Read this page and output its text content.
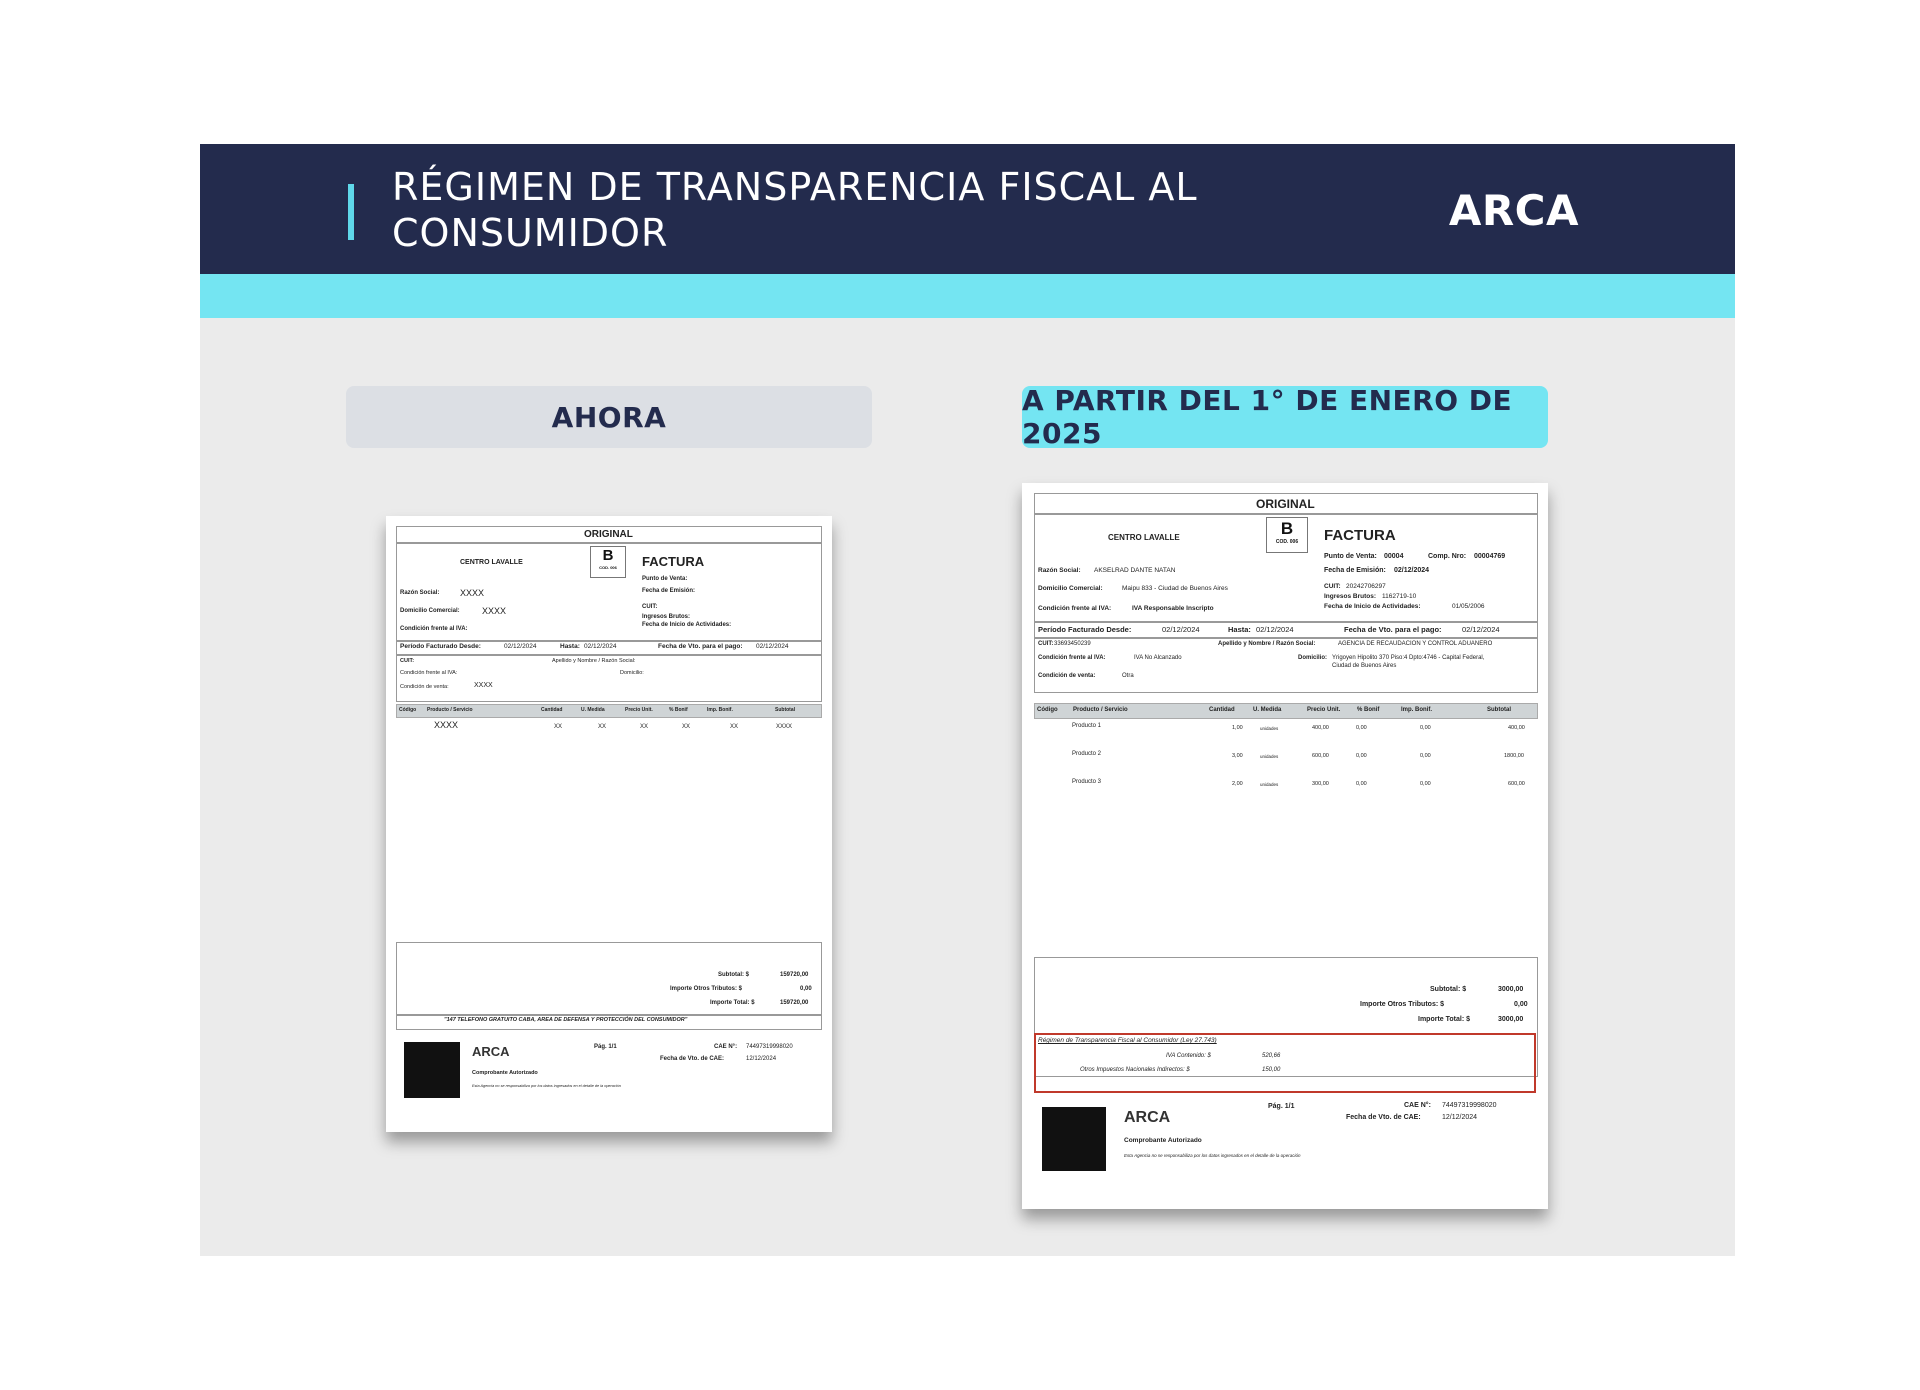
RÉGIMEN DE TRANSPARENCIA FISCAL AL
CONSUMIDOR	ARCA
AHORA	A PARTIR DEL 1° DE ENERO DE 2025
ORIGINAL
CENTRO LAVALLE	B
COD. 006	FACTURA
Punto de Venta:
Fecha de Emisión:
Razón Social: XXXX
Domicilio Comercial: XXXX	CUIT:
Ingresos Brutos:
Fecha de Inicio de Actividades:
Condición frente al IVA:
Período Facturado Desde:	02/12/2024	Hasta: 02/12/2024	Fecha de Vto. para el pago: 02/12/2024
CUIT:	Apellido y Nombre / Razón Social:
Condición frente al IVA:	Domicilio:
Condición de venta:	XXXX
Código Producto / Servicio	Cantidad	U. Medida	Precio Unit.	% Bonif	Imp. Bonif.	Subtotal
XXXX	XX	XX	XX	XX	XX	XXXX
Subtotal: $	159720,00
Importe Otros Tributos: $	0,00
Importe Total: $	159720,00
"147 TELEFONO GRATUITO CABA, AREA DE DEFENSA Y PROTECCIÓN DEL CONSUMIDOR"
ARCA
Comprobante Autorizado
Esta Agencia no se responsabiliza por los datos ingresados en el detalle de la operación
Pág. 1/1	CAE N°: 74497319998020
Fecha de Vto. de CAE:	12/12/2024
ORIGINAL
CENTRO LAVALLE	B
COD. 006	FACTURA
Punto de Venta: 00004	Comp. Nro: 00004769
Fecha de Emisión: 02/12/2024
Razón Social: AKSELRAD DANTE NATAN
Domicilio Comercial:	Maipu 833 - Ciudad de Buenos Aires	CUIT: 20242706297
Ingresos Brutos: 1162719-10
Fecha de Inicio de Actividades:	01/05/2006
Condición frente al IVA:	IVA Responsable Inscripto
Período Facturado Desde:	02/12/2024	Hasta: 02/12/2024	Fecha de Vto. para el pago:	02/12/2024
CUIT: 33693450239	Apellido y Nombre / Razón Social:	AGENCIA DE RECAUDACION Y CONTROL ADUANERO
Condición frente al IVA:	IVA No Alcanzado	Domicilio: Yrigoyen Hipolito 370 Piso:4 Dpto:4746 - Capital Federal,
Ciudad de Buenos Aires
Condición de venta:	Otra
Código	Producto / Servicio	Cantidad	U. Medida	Precio Unit.	% Bonif	Imp. Bonif.	Subtotal
Producto 1	1,00	unidades	400,00	0,00	0,00	400,00
Producto 2	3,00	unidades	600,00	0,00	0,00	1800,00
Producto 3	2,00	unidades	300,00	0,00	0,00	600,00
Subtotal: $	3000,00
Importe Otros Tributos: $	0,00
Importe Total: $	3000,00
Régimen de Transparencia Fiscal al Consumidor (Ley 27.743)
IVA Contenido: $	520,66
Otros Impuestos Nacionales Indirectos: $	150,00
ARCA
Comprobante Autorizado
Esta Agencia no se responsabiliza por los datos ingresados en el detalle de la operación
Pág. 1/1	CAE N°: 74497319998020
Fecha de Vto. de CAE:	12/12/2024
